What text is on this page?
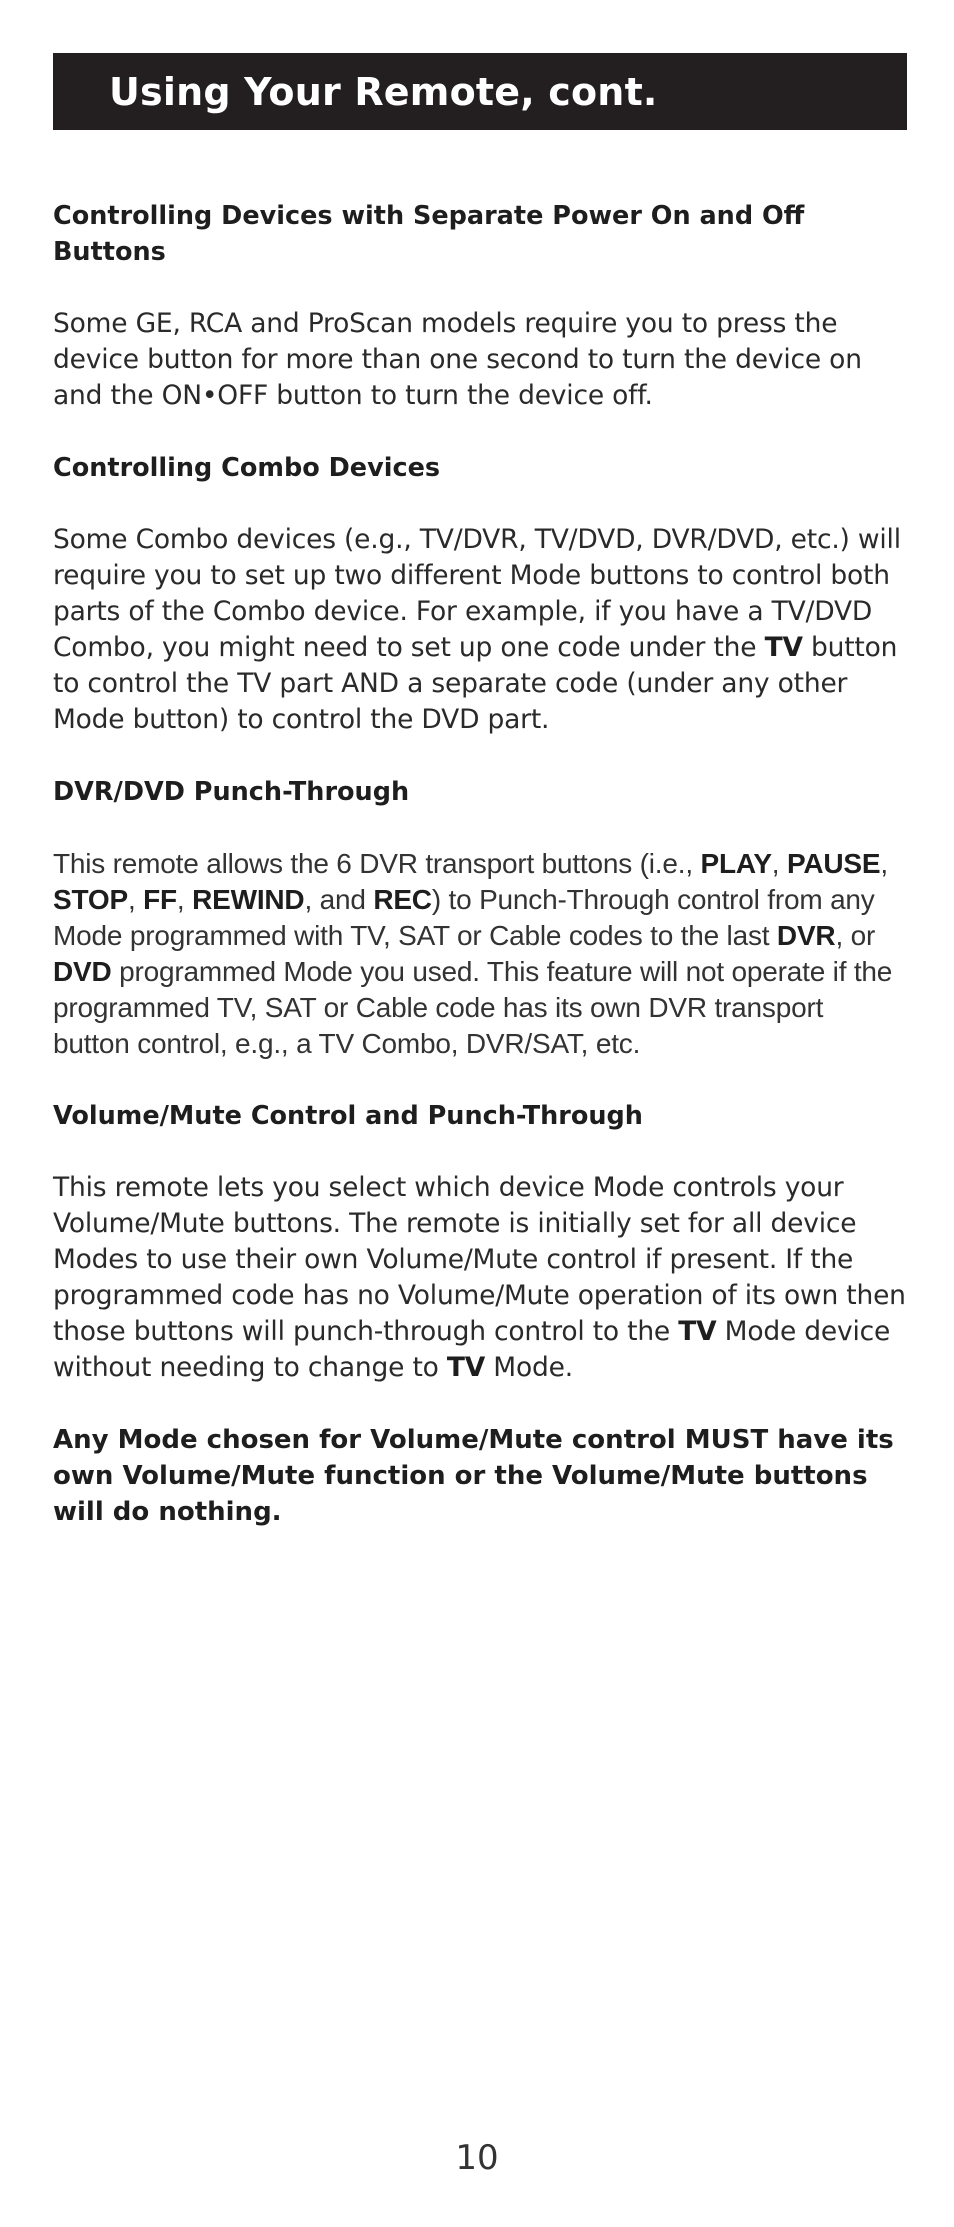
Using Your Remote, cont.

Controlling Devices with Separate Power On and Off Buttons

Some GE, RCA and ProScan models require you to press the device button for more than one second to turn the device on and the ON•OFF button to turn the device off.

Controlling Combo Devices

Some Combo devices (e.g., TV/DVR, TV/DVD, DVR/DVD, etc.) will require you to set up two different Mode buttons to control both parts of the Combo device. For example, if you have a TV/DVD Combo, you might need to set up one code under the TV button to control the TV part AND a separate code (under any other Mode button) to control the DVD part.

DVR/DVD Punch-Through

This remote allows the 6 DVR transport buttons (i.e., PLAY, PAUSE, STOP, FF, REWIND, and REC) to Punch-Through control from any Mode programmed with TV, SAT or Cable codes to the last DVR, or DVD programmed Mode you used. This feature will not operate if the programmed TV, SAT or Cable code has its own DVR transport button control, e.g., a TV Combo, DVR/SAT, etc.

Volume/Mute Control and Punch-Through

This remote lets you select which device Mode controls your Volume/Mute buttons. The remote is initially set for all device Modes to use their own Volume/Mute control if present. If the programmed code has no Volume/Mute operation of its own then those buttons will punch-through control to the TV Mode device without needing to change to TV Mode.

Any Mode chosen for Volume/Mute control MUST have its own Volume/Mute function or the Volume/Mute buttons will do nothing.

10
